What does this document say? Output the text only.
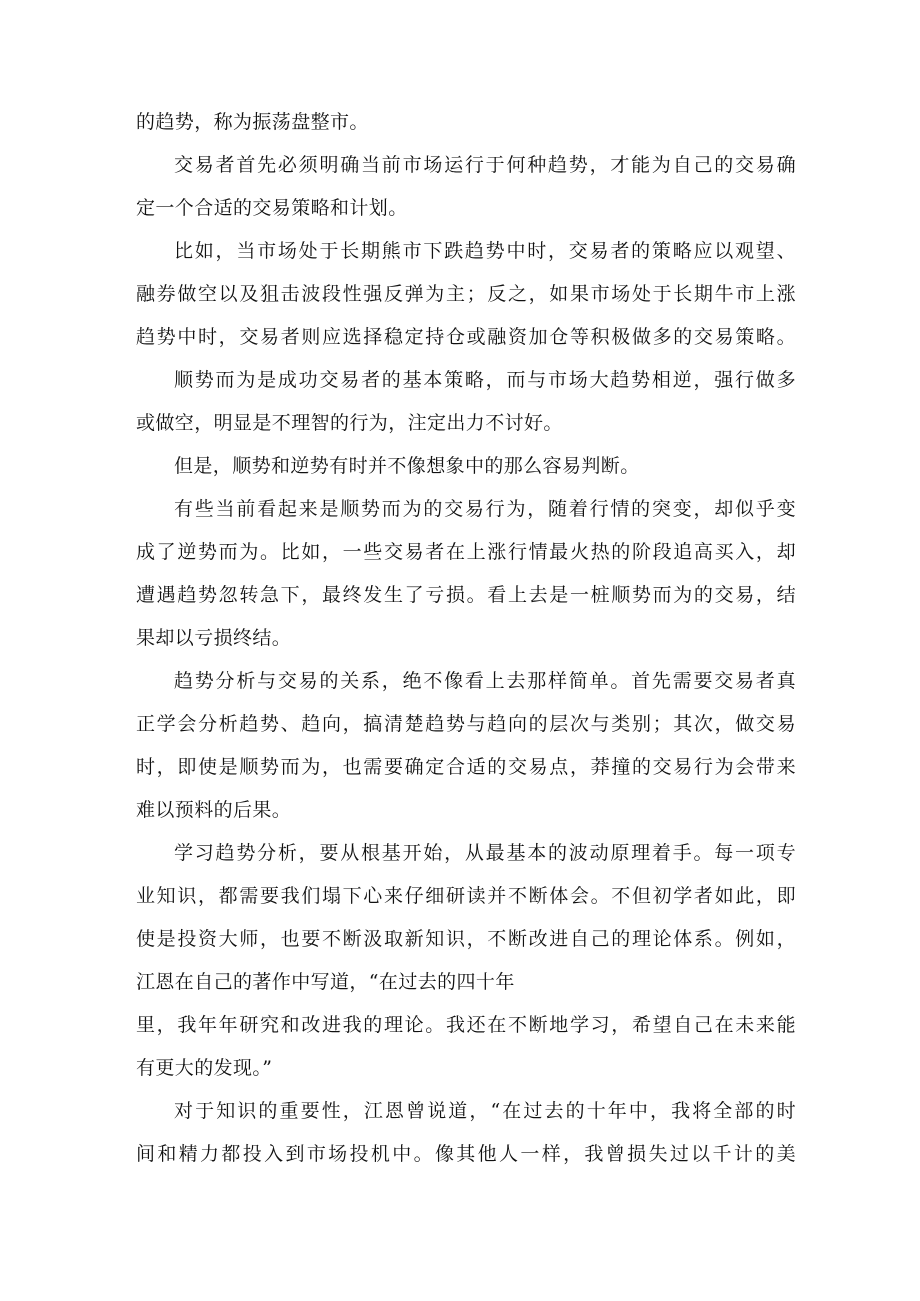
的趋势，称为振荡盘整市。
交易者首先必须明确当前市场运行于何种趋势，才能为自己的交易确
定一个合适的交易策略和计划。
比如，当市场处于长期熊市下跌趋势中时，交易者的策略应以观望、
融券做空以及狙击波段性强反弹为主；反之，如果市场处于长期牛市上涨
趋势中时，交易者则应选择稳定持仓或融资加仓等积极做多的交易策略。
顺势而为是成功交易者的基本策略，而与市场大趋势相逆，强行做多
或做空，明显是不理智的行为，注定出力不讨好。
但是，顺势和逆势有时并不像想象中的那么容易判断。
有些当前看起来是顺势而为的交易行为，随着行情的突变，却似乎变
成了逆势而为。比如，一些交易者在上涨行情最火热的阶段追高买入，却
遭遇趋势忽转急下，最终发生了亏损。看上去是一桩顺势而为的交易，结
果却以亏损终结。
趋势分析与交易的关系，绝不像看上去那样简单。首先需要交易者真
正学会分析趋势、趋向，搞清楚趋势与趋向的层次与类别；其次，做交易
时，即使是顺势而为，也需要确定合适的交易点，莽撞的交易行为会带来
难以预料的后果。
学习趋势分析，要从根基开始，从最基本的波动原理着手。每一项专
业知识，都需要我们塌下心来仔细研读并不断体会。不但初学者如此，即
使是投资大师，也要不断汲取新知识，不断改进自己的理论体系。例如，
江恩在自己的著作中写道，“在过去的四十年
里，我年年研究和改进我的理论。我还在不断地学习，希望自己在未来能
有更大的发现。”
对于知识的重要性，江恩曾说道，“在过去的十年中，我将全部的时
间和精力都投入到市场投机中。像其他人一样，我曾损失过以千计的美
